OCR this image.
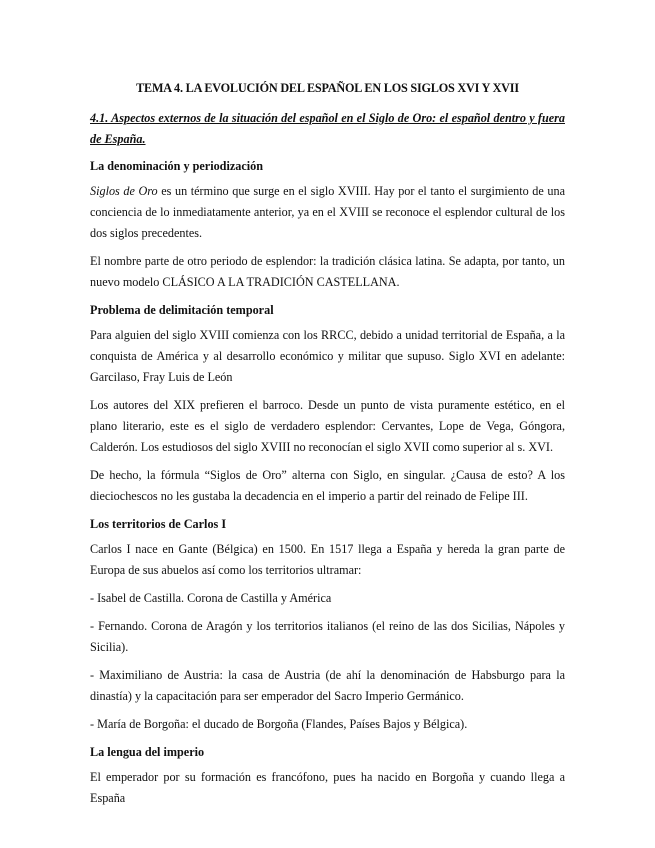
TEMA 4. LA EVOLUCIÓN DEL ESPAÑOL EN LOS SIGLOS XVI Y XVII
4.1. Aspectos externos de la situación del español en el Siglo de Oro: el español dentro y fuera de España.
La denominación y periodización

Siglos de Oro es un término que surge en el siglo XVIII. Hay por el tanto el surgimiento de una conciencia de lo inmediatamente anterior, ya en el XVIII se reconoce el esplendor cultural de los dos siglos precedentes.

El nombre parte de otro periodo de esplendor: la tradición clásica latina. Se adapta, por tanto, un nuevo modelo CLÁSICO A LA TRADICIÓN CASTELLANA.

Problema de delimitación temporal

Para alguien del siglo XVIII comienza con los RRCC, debido a unidad territorial de España, a la conquista de América y al desarrollo económico y militar que supuso. Siglo XVI en adelante: Garcilaso, Fray Luis de León

Los autores del XIX prefieren el barroco. Desde un punto de vista puramente estético, en el plano literario, este es el siglo de verdadero esplendor: Cervantes, Lope de Vega, Góngora, Calderón. Los estudiosos del siglo XVIII no reconocían el siglo XVII como superior al s. XVI.

De hecho, la fórmula “Siglos de Oro” alterna con Siglo, en singular. ¿Causa de esto? A los dieciochescos no les gustaba la decadencia en el imperio a partir del reinado de Felipe III.

Los territorios de Carlos I

Carlos I nace en Gante (Bélgica) en 1500. En 1517 llega a España y hereda la gran parte de Europa de sus abuelos así como los territorios ultramar:

- Isabel de Castilla. Corona de Castilla y América

- Fernando. Corona de Aragón y los territorios italianos (el reino de las dos Sicilias, Nápoles y Sicilia).

- Maximiliano de Austria: la casa de Austria (de ahí la denominación de Habsburgo para la dinastía) y la capacitación para ser emperador del Sacro Imperio Germánico.

- María de Borgoña: el ducado de Borgoña (Flandes, Países Bajos y Bélgica).

La lengua del imperio

El emperador por su formación es francófono, pues ha nacido en Borgoña y cuando llega a España
